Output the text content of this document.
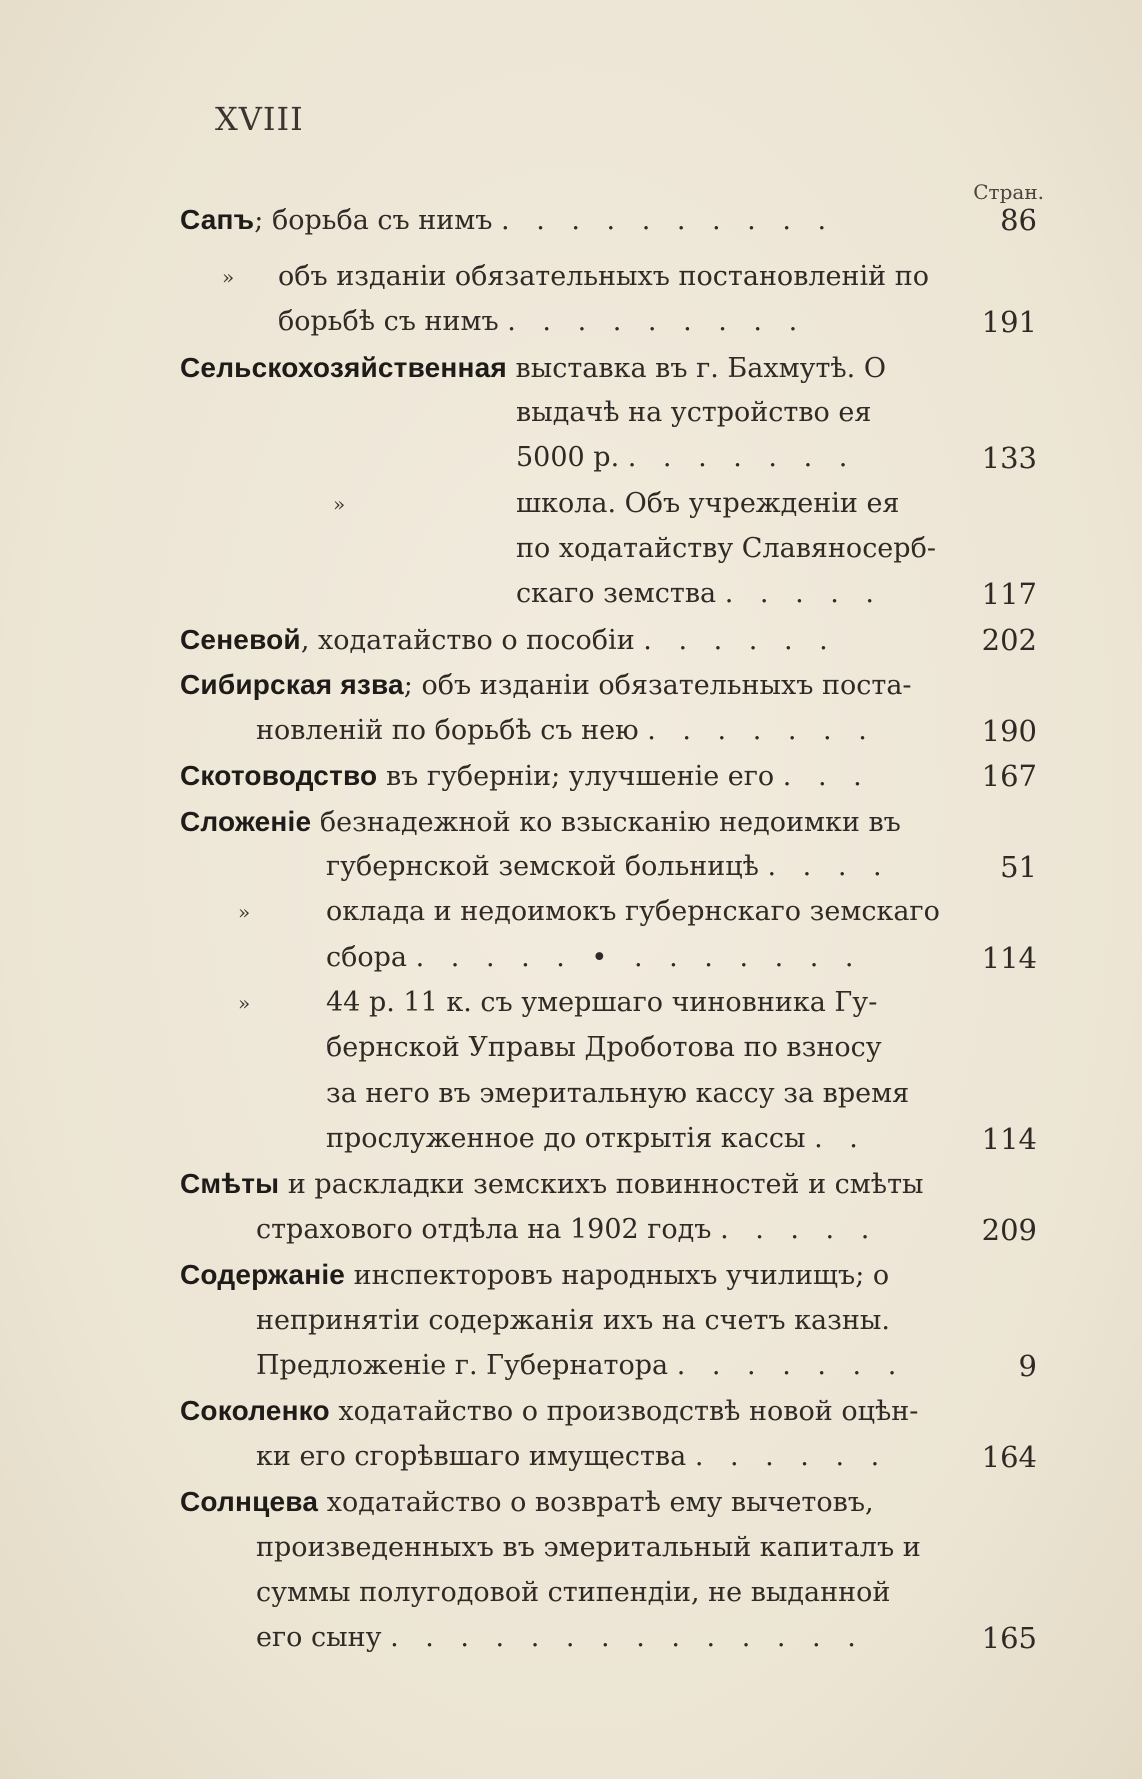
XVIII
Стран.
Сапъ; борьба съ нимъ . . . . . . . . . .	86
» объ изданіи обязательныхъ постановленій по
борьбѣ съ нимъ . . . . . . . . .	191
Сельскохозяйственная выставка въ г. Бахмутѣ. О
выдачѣ на устройство ея
5000 р. . . . . . . .	133
»	школа. Объ учрежденіи ея
по ходатайству Славяносерб-
скаго земства . . . . .	117
Сеневой, ходатайство о пособіи . . . . . .	202
Сибирская язва; объ изданіи обязательныхъ поста-
новленій по борьбѣ съ нею . . . . . . .	190
Скотоводство въ губерніи; улучшеніе его . . .	167
Сложеніе безнадежной ко взысканію недоимки въ
губернской земской больницѣ . . . .	51
»	оклада и недоимокъ губернскаго земскаго
сбора . . . . . • . . . . . . .	114
»	44 р. 11 к. съ умершаго чиновника Гу-
бернской Управы Дроботова по взносу
за него въ эмеритальную кассу за время
прослуженное до открытія кассы . .	114
Смѣты и раскладки земскихъ повинностей и смѣты
страхового отдѣла на 1902 годъ . . . . .	209
Содержаніе инспекторовъ народныхъ училищъ; о
непринятіи содержанія ихъ на счетъ казны.
Предложеніе г. Губернатора . . . . . . .	9
Соколенко ходатайство о производствѣ новой оцѣн-
ки его сгорѣвшаго имущества . . . . . .	164
Солнцева ходатайство о возвратѣ ему вычетовъ,
произведенныхъ въ эмеритальный капиталъ и
суммы полугодовой стипендіи, не выданной
его сыну . . . . . . . . . . . . . .	165
